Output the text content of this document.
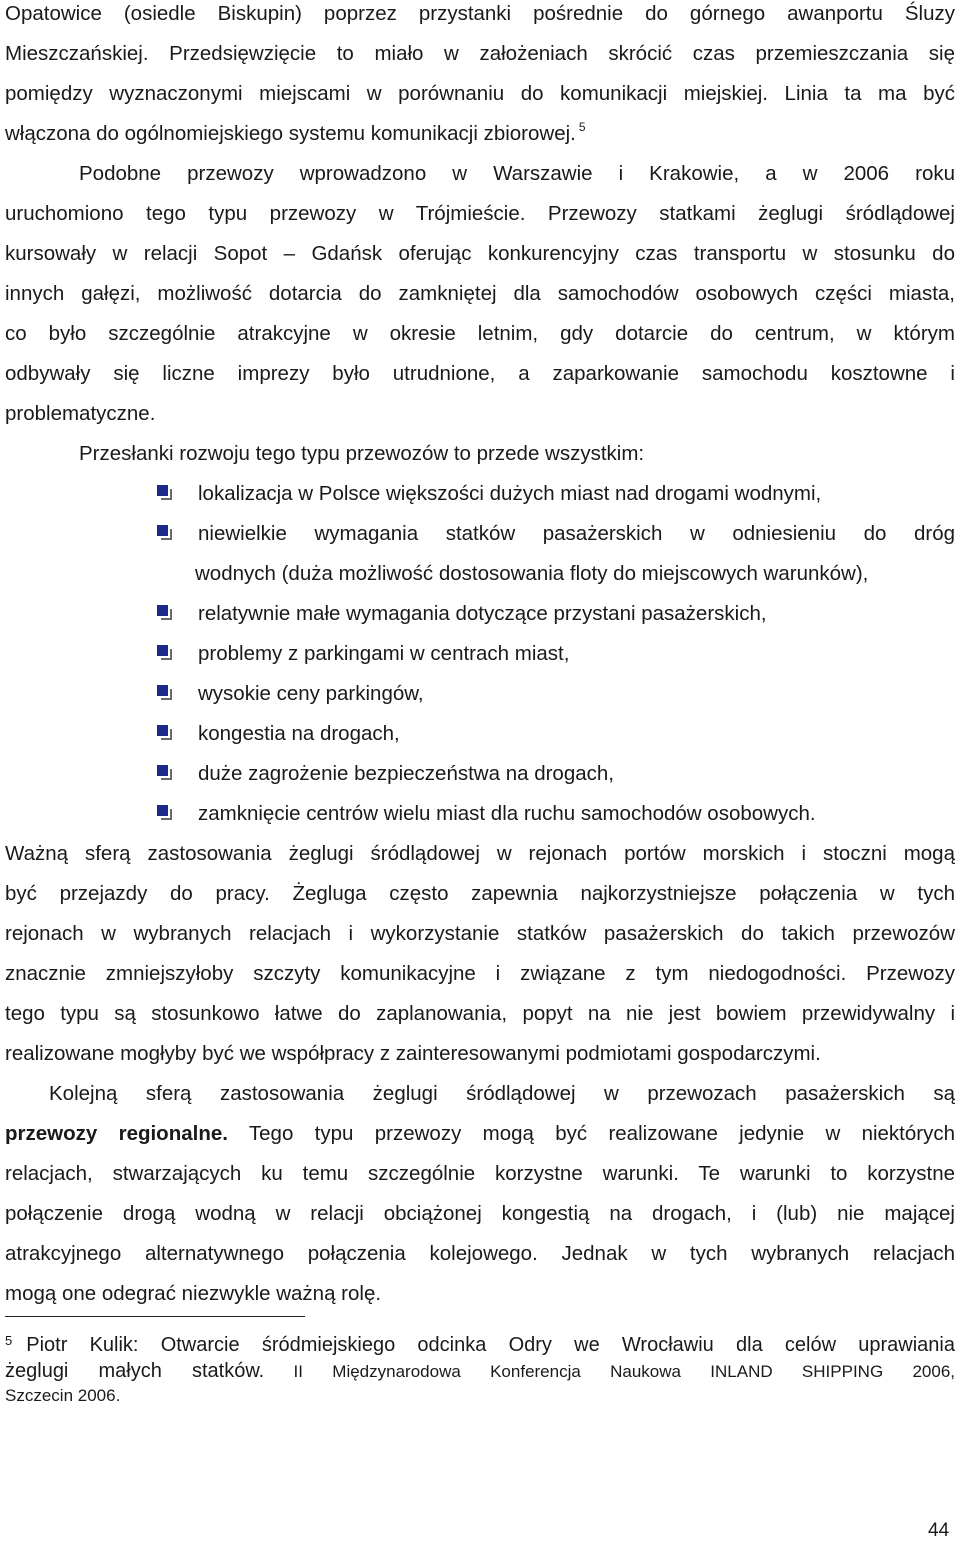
Opatowice (osiedle Biskupin) poprzez przystanki pośrednie do górnego awanportu Śluzy
Mieszczańskiej. Przedsięwzięcie to miało w założeniach skrócić czas przemieszczania się
pomiędzy wyznaczonymi miejscami w porównaniu do komunikacji miejskiej. Linia ta ma być
włączona do ogólnomiejskiego systemu komunikacji zbiorowej. $^5$
Podobne przewozy wprowadzono w Warszawie i Krakowie, a w 2006 roku
uruchomiono tego typu przewozy w Trójmieście. Przewozy statkami żeglugi śródlądowej
kursowały w relacji Sopot – Gdańsk oferując konkurencyjny czas transportu w stosunku do
innych gałęzi, możliwość dotarcia do zamkniętej dla samochodów osobowych części miasta,
co było szczególnie atrakcyjne w okresie letnim, gdy dotarcie do centrum, w którym
odbywały się liczne imprezy było utrudnione, a zaparkowanie samochodu kosztowne i
problematyczne.
Przesłanki rozwoju tego typu przewozów to przede wszystkim:
lokalizacja w Polsce większości dużych miast nad drogami wodnymi,
niewielkie wymagania statków pasażerskich w odniesieniu do dróg
wodnych (duża możliwość dostosowania floty do miejscowych warunków),
relatywnie małe wymagania dotyczące przystani pasażerskich,
problemy z parkingami w centrach miast,
wysokie ceny parkingów,
kongestia na drogach,
duże zagrożenie bezpieczeństwa na drogach,
zamknięcie centrów wielu miast dla ruchu samochodów osobowych.
Ważną sferą zastosowania żeglugi śródlądowej w rejonach portów morskich i stoczni mogą
być przejazdy do pracy. Żegluga często zapewnia najkorzystniejsze połączenia w tych
rejonach w wybranych relacjach i wykorzystanie statków pasażerskich do takich przewozów
znacznie zmniejszyłoby szczyty komunikacyjne i związane z tym niedogodności. Przewozy
tego typu są stosunkowo łatwe do zaplanowania, popyt na nie jest bowiem przewidywalny i
realizowane mogłyby być we współpracy z zainteresowanymi podmiotami gospodarczymi.
Kolejną sferą zastosowania żeglugi śródlądowej w przewozach pasażerskich są
przewozy regionalne. Tego typu przewozy mogą być realizowane jedynie w niektórych
relacjach, stwarzających ku temu szczególnie korzystne warunki. Te warunki to korzystne
połączenie drogą wodną w relacji obciążonej kongestią na drogach, i (lub) nie mającej
atrakcyjnego alternatywnego połączenia kolejowego. Jednak w tych wybranych relacjach
mogą one odegrać niezwykle ważną rolę.
$^5$ Piotr Kulik: Otwarcie śródmiejskiego odcinka Odry we Wrocławiu dla celów uprawiania
żeglugi małych statków. II Międzynarodowa Konferencja Naukowa INLAND SHIPPING 2006,
Szczecin 2006.
44
